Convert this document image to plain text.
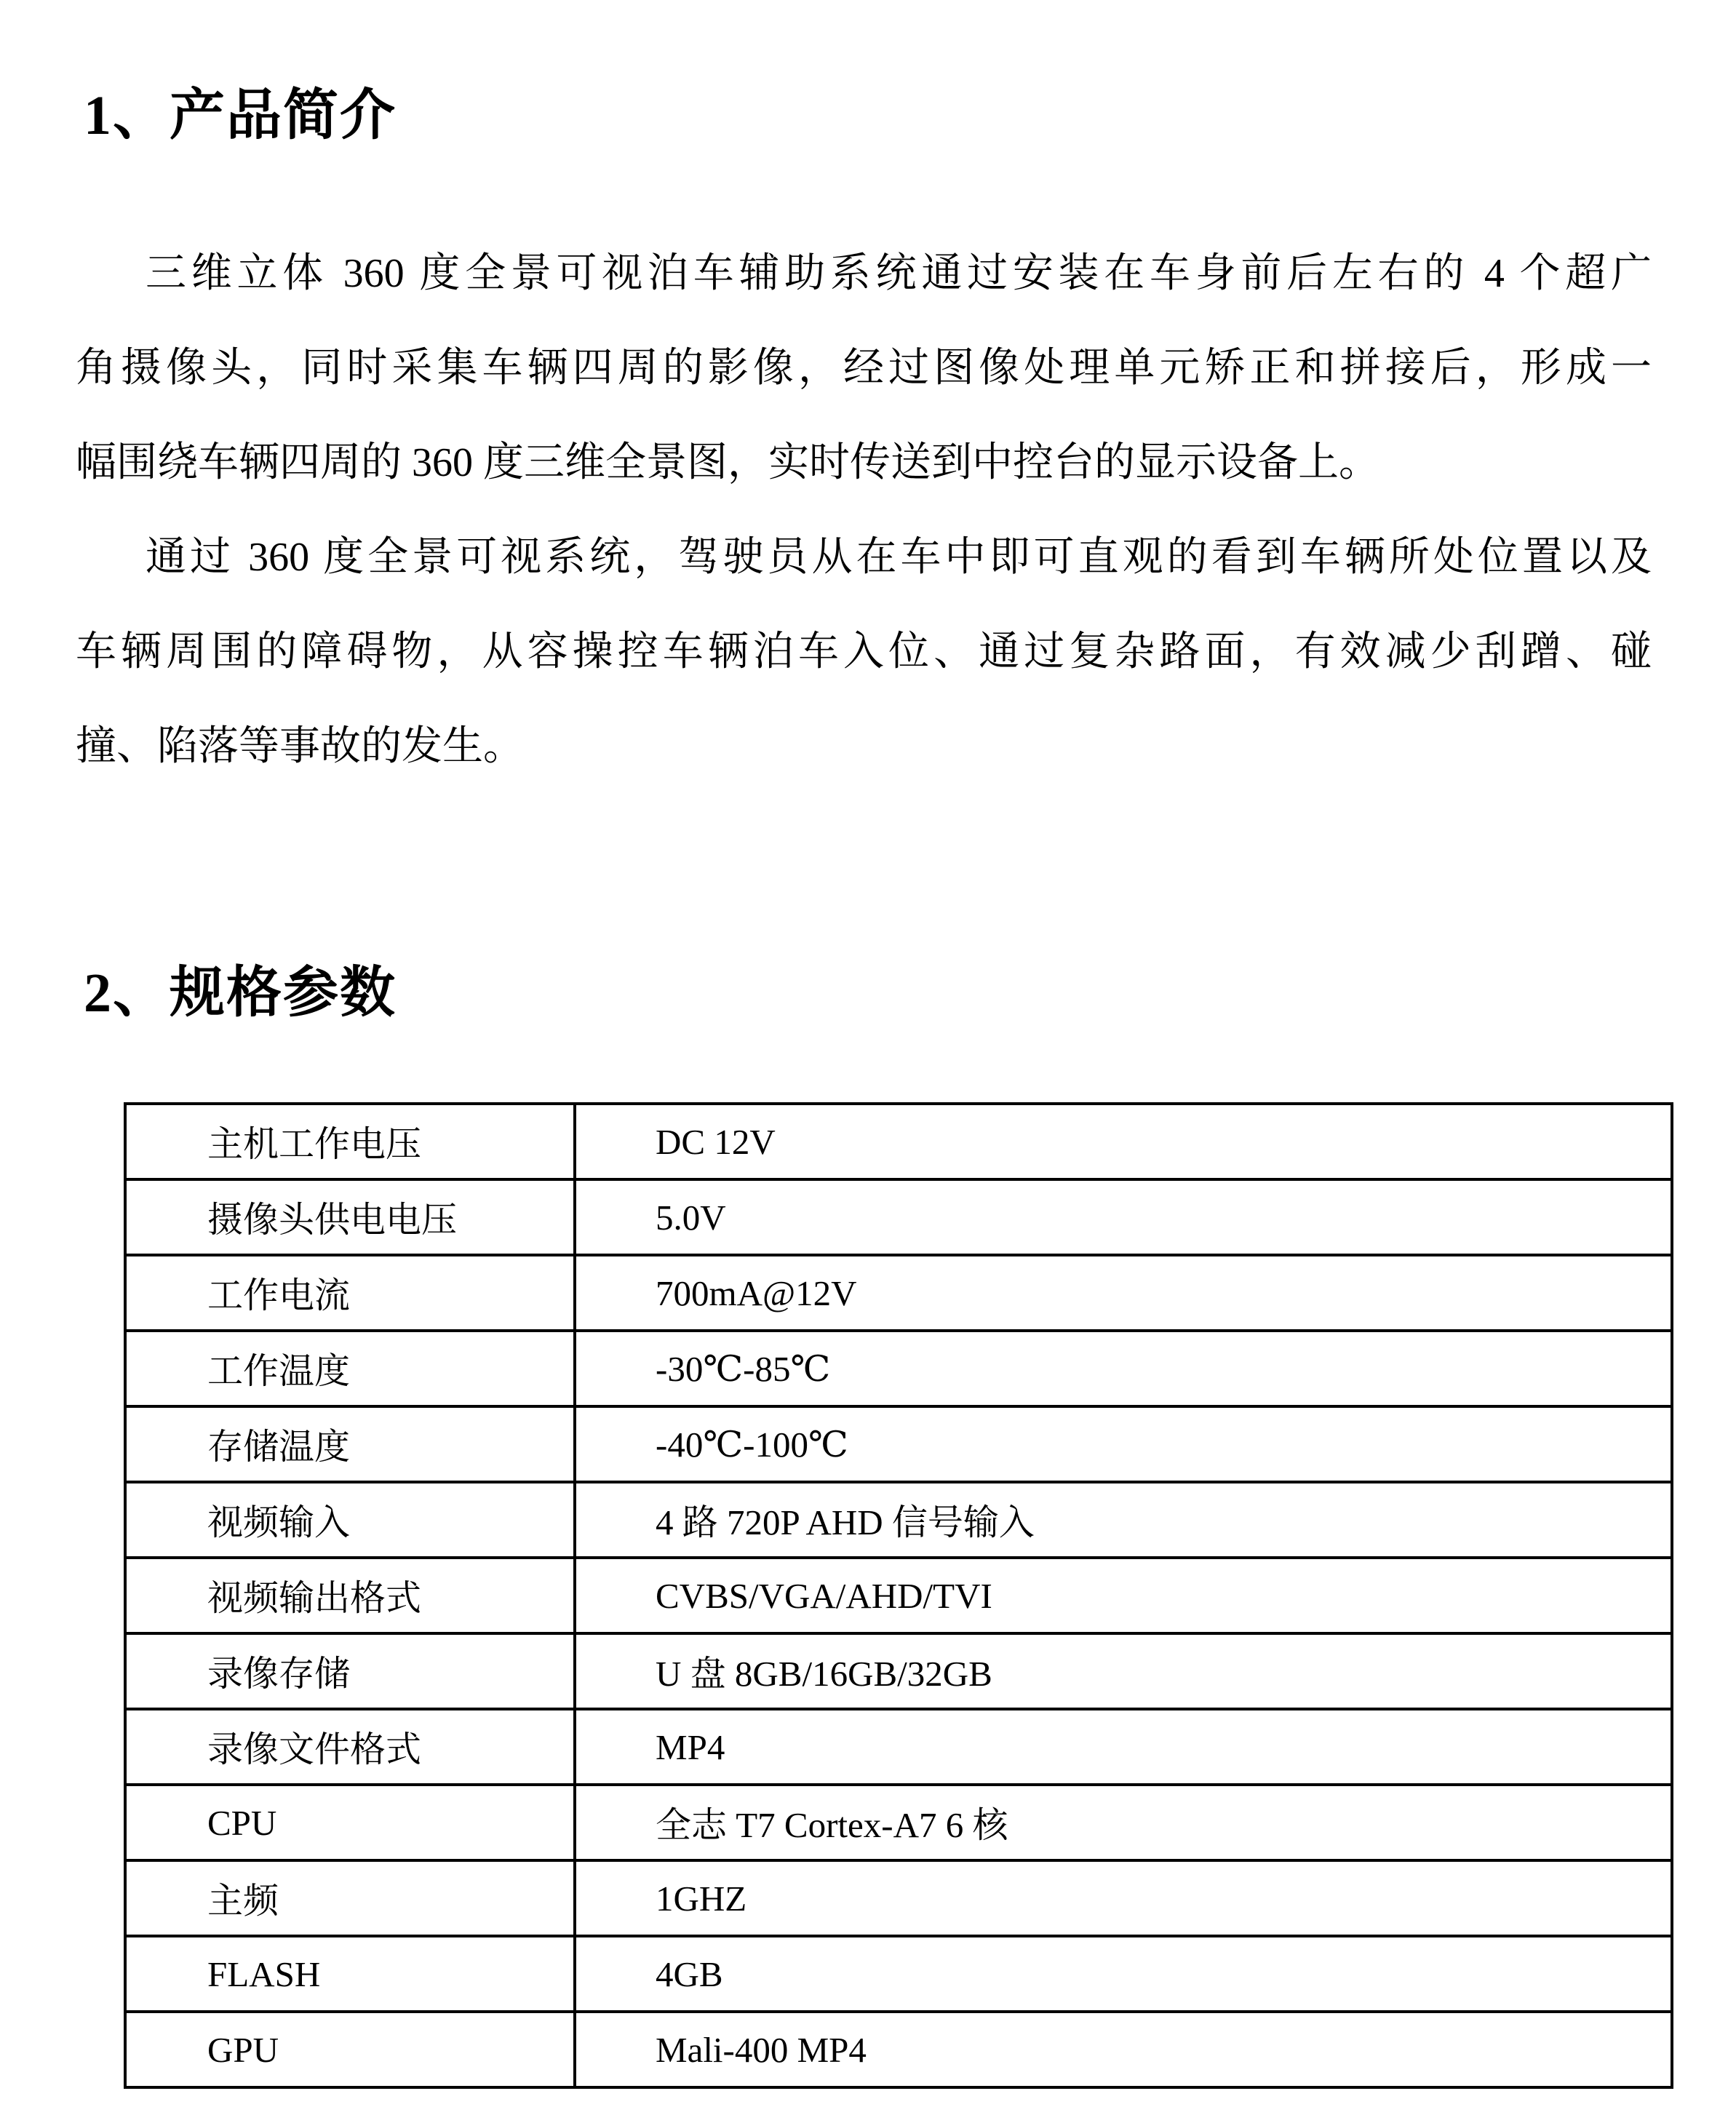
1、产品简介

三维立体 360 度全景可视泊车辅助系统通过安装在车身前后左右的 4 个超广
角摄像头，同时采集车辆四周的影像，经过图像处理单元矫正和拼接后，形成一
幅围绕车辆四周的 360 度三维全景图，实时传送到中控台的显示设备上。

通过 360 度全景可视系统，驾驶员从在车中即可直观的看到车辆所处位置以及
车辆周围的障碍物，从容操控车辆泊车入位、通过复杂路面，有效减少刮蹭、碰
撞、陷落等事故的发生。

2、规格参数
主机工作电压	DC 12V
摄像头供电电压	5.0V
工作电流	700mA@12V
工作温度	-30℃-85℃
存储温度	-40℃-100℃
视频输入	4 路 720P AHD 信号输入
视频输出格式	CVBS/VGA/AHD/TVI
录像存储	U 盘 8GB/16GB/32GB
录像文件格式	MP4
CPU	全志 T7 Cortex-A7 6 核
主频	1GHZ
FLASH	4GB
GPU	Mali-400 MP4
